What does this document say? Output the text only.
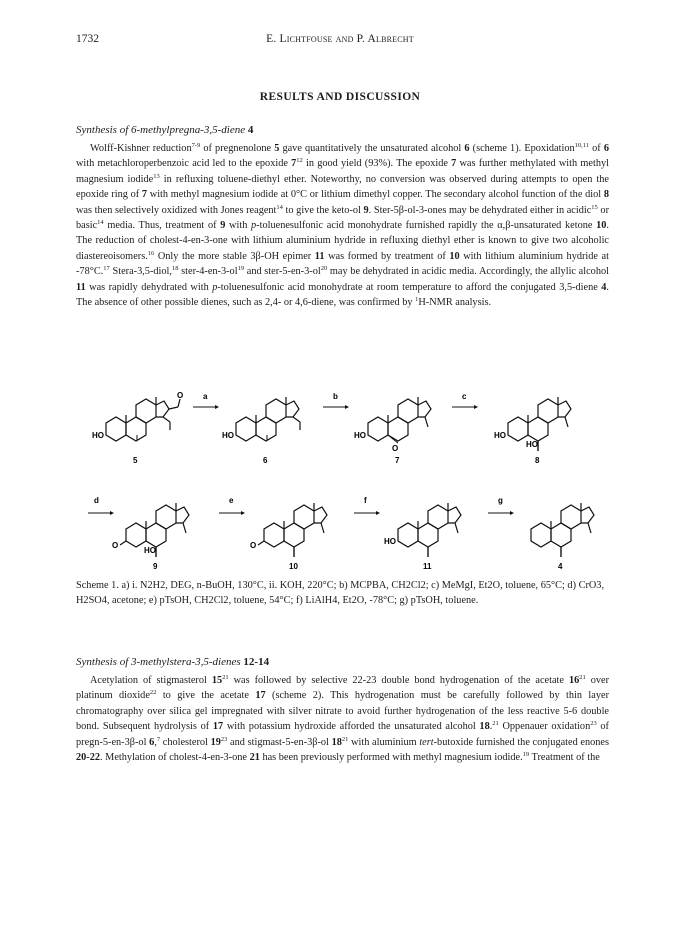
1732	E. Lichtfouse and P. Albrecht
RESULTS AND DISCUSSION
Synthesis of 6-methylpregna-3,5-diene 4

Wolff-Kishner reduction$^{7-9}$ of pregnenolone 5 gave quantitatively the unsaturated alcohol 6 (scheme 1). Epoxidation$^{10,11}$ of 6 with metachloroperbenzoic acid led to the epoxide $7^{12}$ in good yield (93%). The epoxide 7 was further methylated with methyl magnesium iodide$^{13}$ in refluxing toluene-diethyl ether. Noteworthy, no conversion was observed during attempts to open the epoxide ring of 7 with methyl magnesium iodide at 0°C or lithium dimethyl copper. The secondary alcohol function of the diol 8 was then selectively oxidized with Jones reagent$^{14}$ to give the keto-ol 9. Ster-5β-ol-3-ones may be dehydrated either in acidic$^{15}$ or basic$^{14}$ media. Thus, treatment of 9 with p-toluenesulfonic acid monohydrate furnished rapidly the α,β-unsaturated ketone 10. The reduction of cholest-4-en-3-one with lithium aluminium hydride in refluxing diethyl ether is known to give two alcoholic diastereoisomers.$^{16}$ Only the more stable 3β-OH epimer 11 was formed by treatment of 10 with lithium aluminium hydride at -78°C.$^{17}$ Stera-3,5-diol,$^{18}$ ster-$4-en-3-ol^{19}$ and ster-$5-en-3-ol^{20}$ may be dehydrated in acidic media. Accordingly, the allylic alcohol 11 was rapidly dehydrated with p-toluenesulfonic acid monohydrate at room temperature to afford the conjugated 3,5-diene 4. The absence of other possible dienes, such as 2,4- or 4,6-diene, was confirmed by $^1$H-NMR analysis.

O
HO
5
a
HO
6
b
O
HO
7
c
HO
HO
8
d
O
HO
9
e
O
10
f
HO
11
g
4
Scheme 1. a) i. N2H2, DEG, n-BuOH, 130°C, ii. KOH, 220°C; b) MCPBA, CH2Cl2; c) MeMgI, Et2O, toluene, 65°C; d) CrO3, H2SO4, acetone; e) pTsOH, CH2Cl2, toluene, 54°C; f) LiAlH4, Et2O, -78°C; g) pTsOH, toluene.
Synthesis of 3-methylstera-3,5-dienes 12-14

Acetylation of stigmasterol $15^{21}$ was followed by selective 22-23 double bond hydrogenation of the acetate $16^{21}$ over platinum dioxide$^{22}$ to give the acetate 17 (scheme 2). This hydrogenation must be carefully followed by thin layer chromatography over silica gel impregnated with silver nitrate to avoid further hydrogenation of the less reactive 5-6 double bond. Subsequent hydrolysis of 17 with potassium hydroxide afforded the unsaturated alcohol 18.21 Oppenauer oxidation$^{23}$ of pregn-5-en-3β-ol 6,$^7$ cholesterol $19^{23}$ and stigmast-5-en-3β-ol $18^{21}$ with aluminium tert-butoxide furnished the conjugated enones 20-22. Methylation of cholest-4-en-3-one 21 has been previously performed with methyl magnesium iodide.$^{19}$ Treatment of the
